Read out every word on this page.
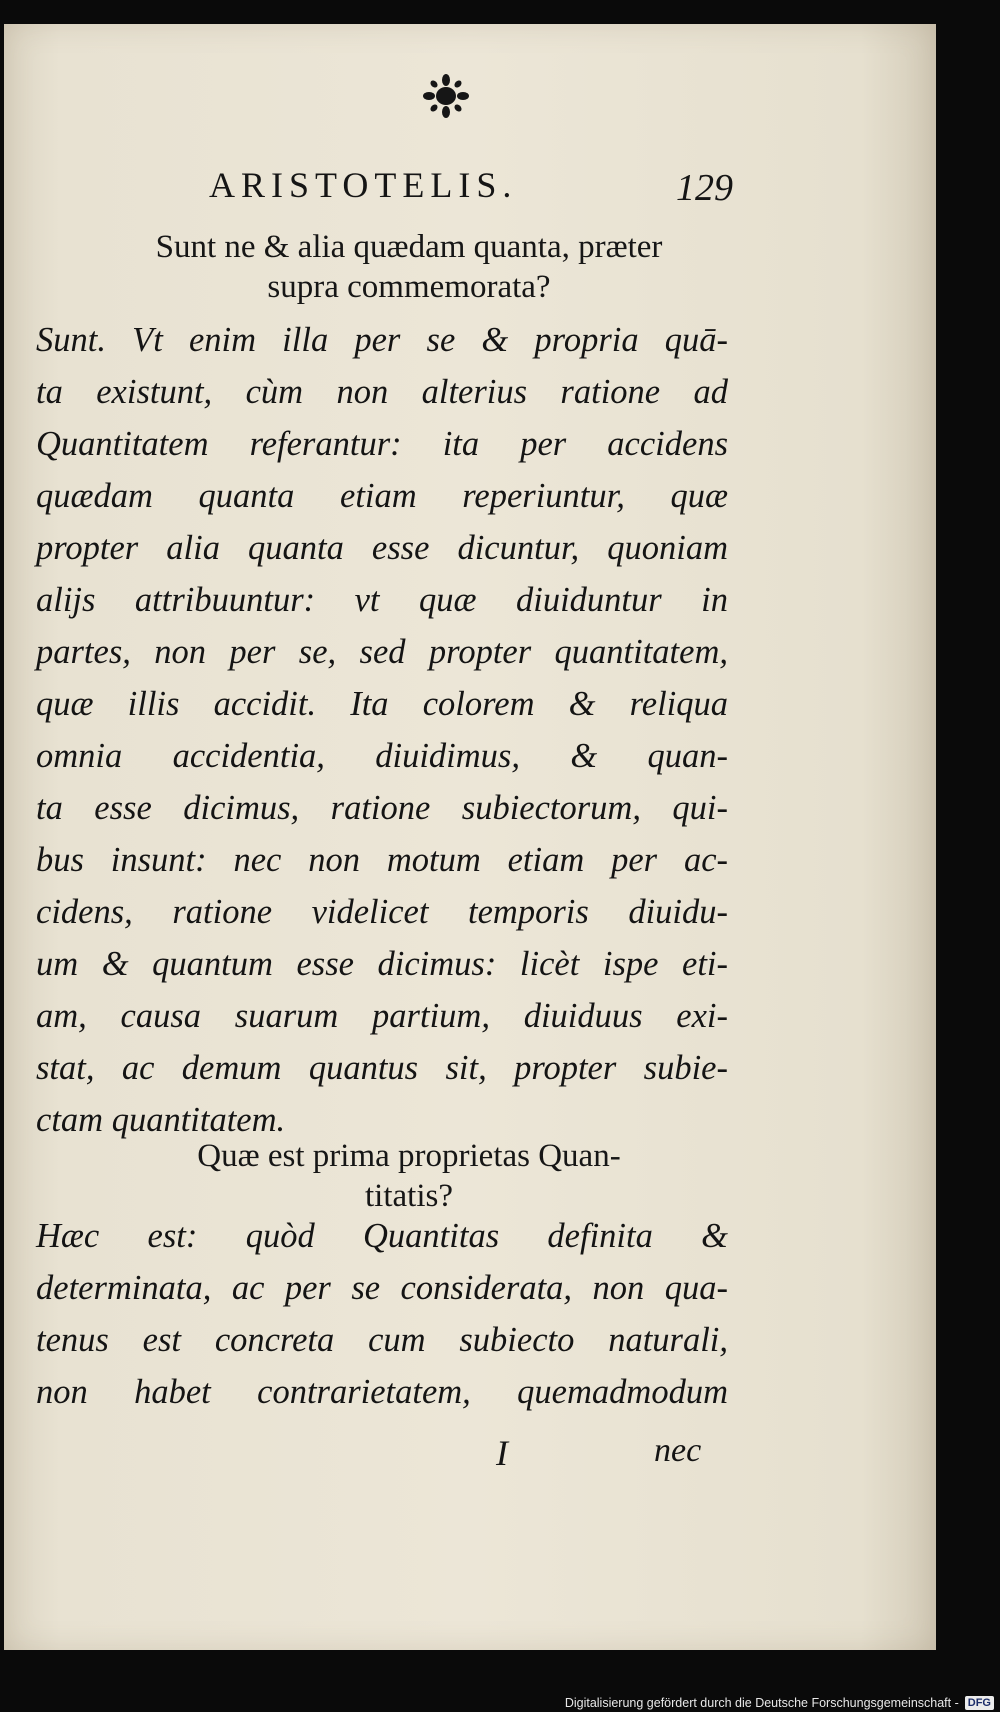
ARISTOTELIS.	129
Sunt ne & alia quædam quanta, præter
supra commemorata?

Sunt. Vt enim illa per se & propria quā-
ta existunt, cùm non alterius ratione ad
Quantitatem referantur: ita per accidens
quædam quanta etiam reperiuntur, quæ
propter alia quanta esse dicuntur, quoniam
alijs attribuuntur: vt quæ diuiduntur in
partes, non per se, sed propter quantitatem,
quæ illis accidit. Ita colorem & reliqua
omnia accidentia, diuidimus, & quan-
ta esse dicimus, ratione subiectorum, qui-
bus insunt: nec non motum etiam per ac-
cidens, ratione videlicet temporis diuidu-
um & quantum esse dicimus: licèt ispe eti-
am, causa suarum partium, diuiduus exi-
stat, ac demum quantus sit, propter subie-
ctam quantitatem.

Quæ est prima proprietas Quan-
titatis?

Hæc est: quòd Quantitas definita &
determinata, ac per se considerata, non qua-
tenus est concreta cum subiecto naturali,
non habet contrarietatem, quemadmodum

I	nec
Digitalisierung gefördert durch die Deutsche Forschungsgemeinschaft - DFG
